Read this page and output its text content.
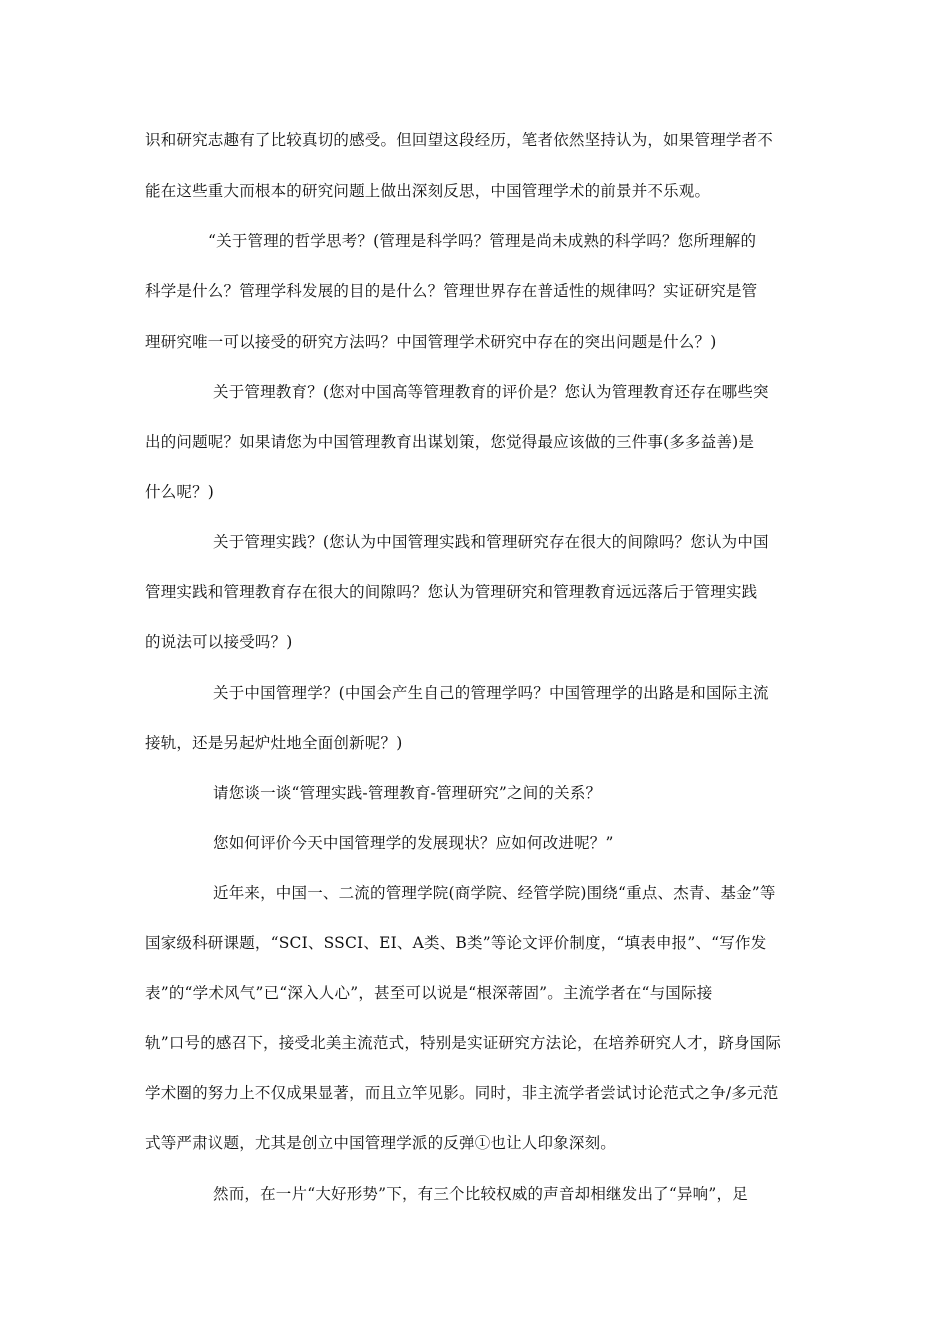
识和研究志趣有了比较真切的感受。但回望这段经历，笔者依然坚持认为，如果管理学者不
能在这些重大而根本的研究问题上做出深刻反思，中国管理学术的前景并不乐观。
“关于管理的哲学思考？(管理是科学吗？管理是尚未成熟的科学吗？您所理解的
科学是什么？管理学科发展的目的是什么？管理世界存在普适性的规律吗？实证研究是管
理研究唯一可以接受的研究方法吗？中国管理学术研究中存在的突出问题是什么？)
关于管理教育？(您对中国高等管理教育的评价是？您认为管理教育还存在哪些突
出的问题呢？如果请您为中国管理教育出谋划策，您觉得最应该做的三件事(多多益善)是
什么呢？)
关于管理实践？(您认为中国管理实践和管理研究存在很大的间隙吗？您认为中国
管理实践和管理教育存在很大的间隙吗？您认为管理研究和管理教育远远落后于管理实践
的说法可以接受吗？)
关于中国管理学？(中国会产生自己的管理学吗？中国管理学的出路是和国际主流
接轨，还是另起炉灶地全面创新呢？)
请您谈一谈“管理实践-管理教育-管理研究”之间的关系？
您如何评价今天中国管理学的发展现状？应如何改进呢？”
近年来，中国一、二流的管理学院(商学院、经管学院)围绕“重点、杰青、基金”等
国家级科研课题，“SCI、SSCI、EI、A类、B类”等论文评价制度，“填表申报”、“写作发
表”的“学术风气”已“深入人心”，甚至可以说是“根深蒂固”。主流学者在“与国际接
轨”口号的感召下，接受北美主流范式，特别是实证研究方法论，在培养研究人才，跻身国际
学术圈的努力上不仅成果显著，而且立竿见影。同时，非主流学者尝试讨论范式之争/多元范
式等严肃议题，尤其是创立中国管理学派的反弹①也让人印象深刻。
然而，在一片“大好形势”下，有三个比较权威的声音却相继发出了“异响”，足
